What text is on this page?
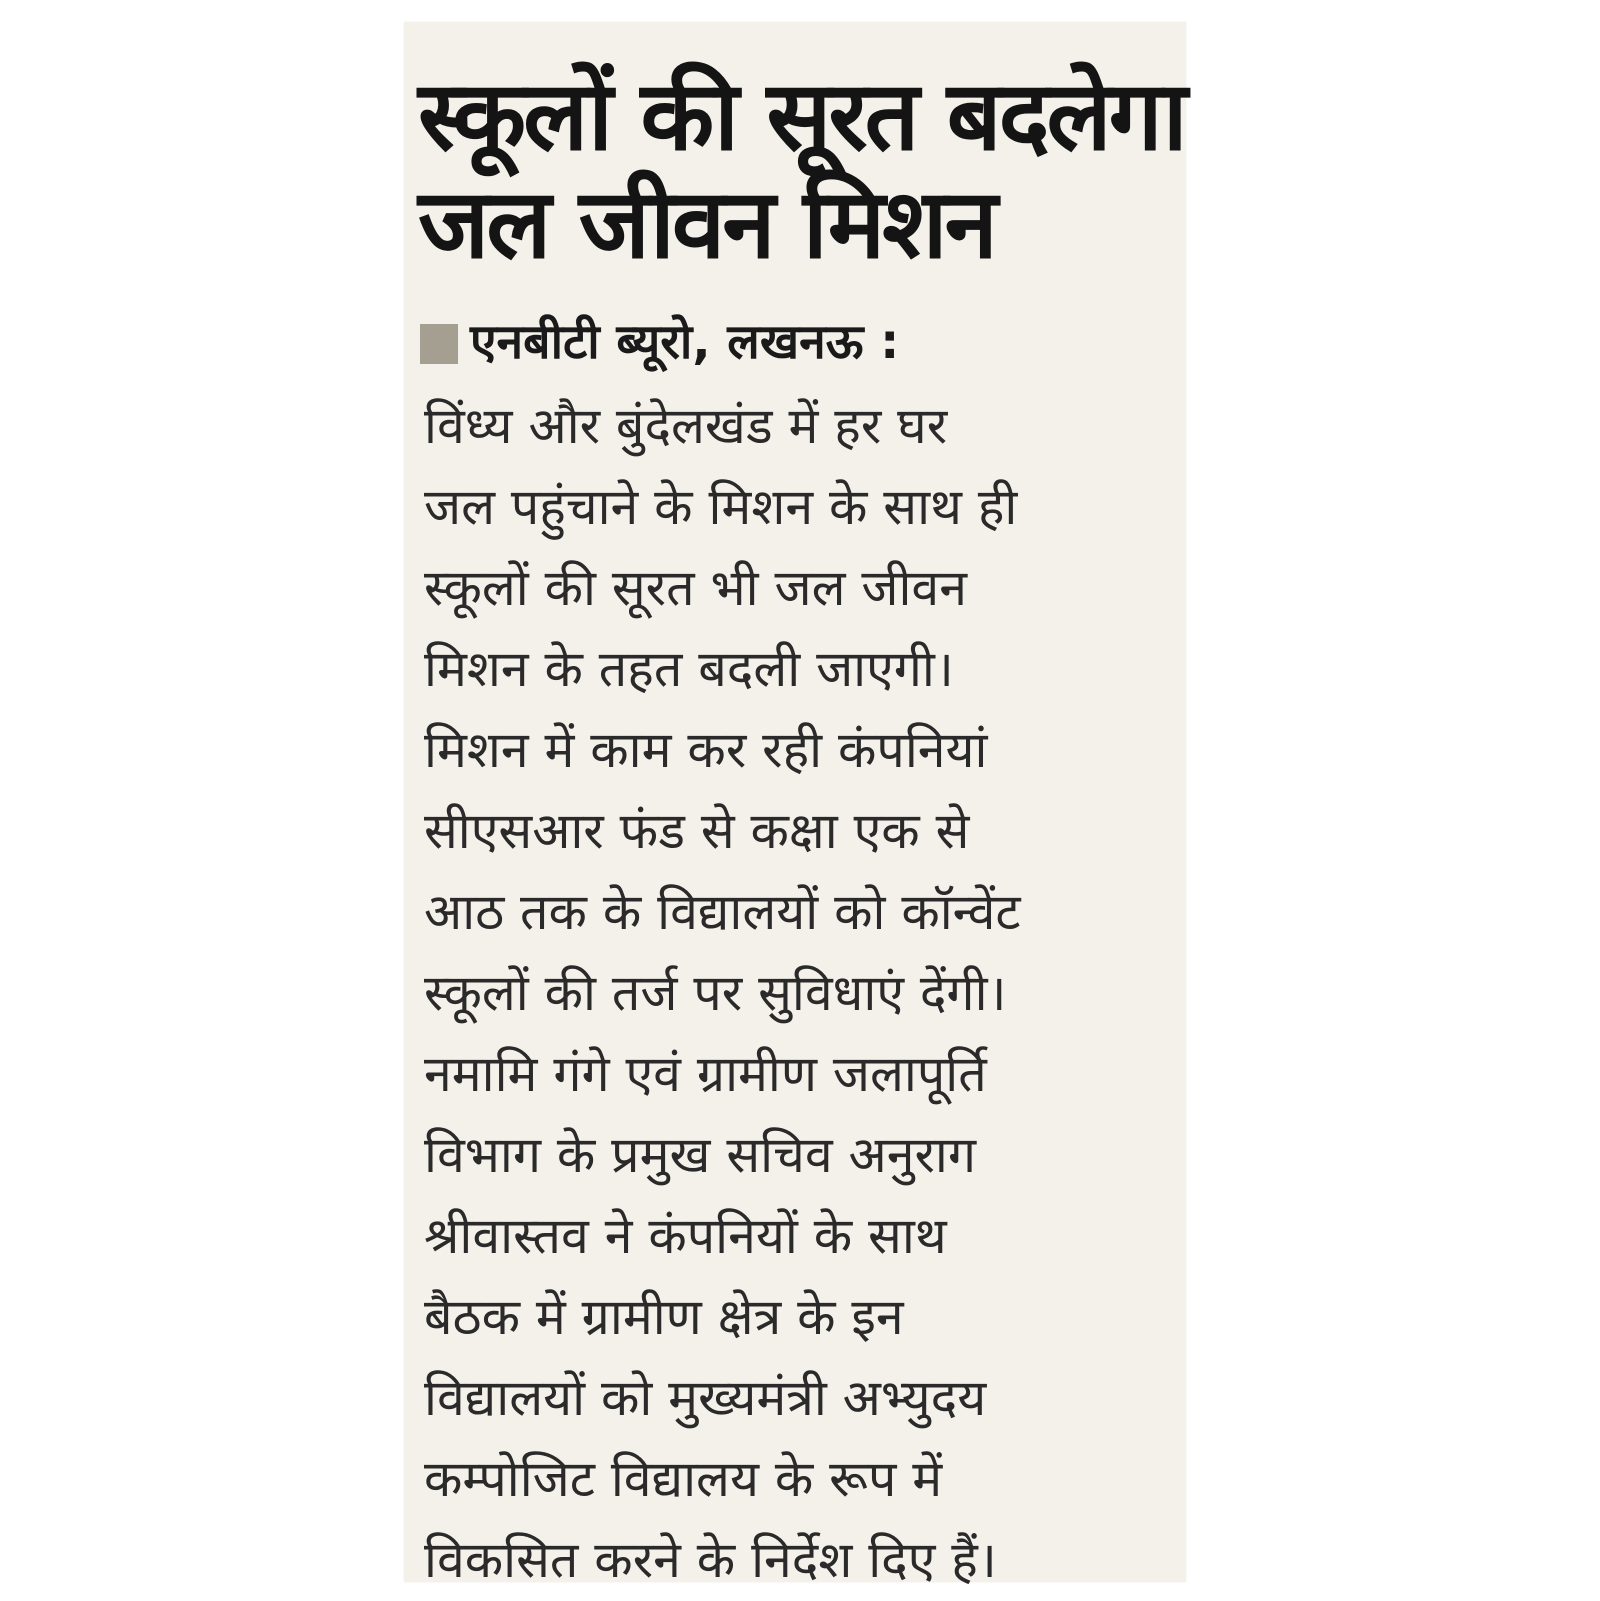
स्कूलों की सूरत बदलेगा
जल जीवन मिशन
एनबीटी ब्यूरो, लखनऊ :
विंध्य और बुंदेलखंड में हर घर
जल पहुंचाने के मिशन के साथ ही
स्कूलों की सूरत भी जल जीवन
मिशन के तहत बदली जाएगी।
मिशन में काम कर रही कंपनियां
सीएसआर फंड से कक्षा एक से
आठ तक के विद्यालयों को कॉन्वेंट
स्कूलों की तर्ज पर सुविधाएं देंगी।
नमामि गंगे एवं ग्रामीण जलापूर्ति
विभाग के प्रमुख सचिव अनुराग
श्रीवास्तव ने कंपनियों के साथ
बैठक में ग्रामीण क्षेत्र के इन
विद्यालयों को मुख्यमंत्री अभ्युदय
कम्पोजिट विद्यालय के रूप में
विकसित करने के निर्देश दिए हैं।
